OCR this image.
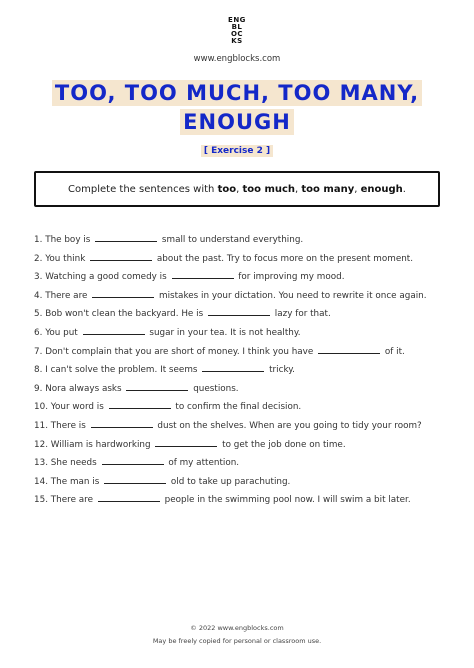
ENG
BL
OC
KS
www.engblocks.com
TOO, TOO MUCH, TOO MANY,
ENOUGH
[ Exercise 2 ]
Complete the sentences with too, too much, too many, enough.
1. The boy is	small to understand everything.
2. You think	about the past. Try to focus more on the present moment.
3. Watching a good comedy is	for improving my mood.
4. There are	mistakes in your dictation. You need to rewrite it once again.
5. Bob won't clean the backyard. He is	lazy for that.
6. You put	sugar in your tea. It is not healthy.
7. Don't complain that you are short of money. I think you have	of it.
8. I can't solve the problem. It seems	tricky.
9. Nora always asks	questions.
10. Your word is	to confirm the final decision.
11. There is	dust on the shelves. When are you going to tidy your room?
12. William is hardworking	to get the job done on time.
13. She needs	of my attention.
14. The man is	old to take up parachuting.
15. There are	people in the swimming pool now. I will swim a bit later.
© 2022 www.engblocks.com
May be freely copied for personal or classroom use.
